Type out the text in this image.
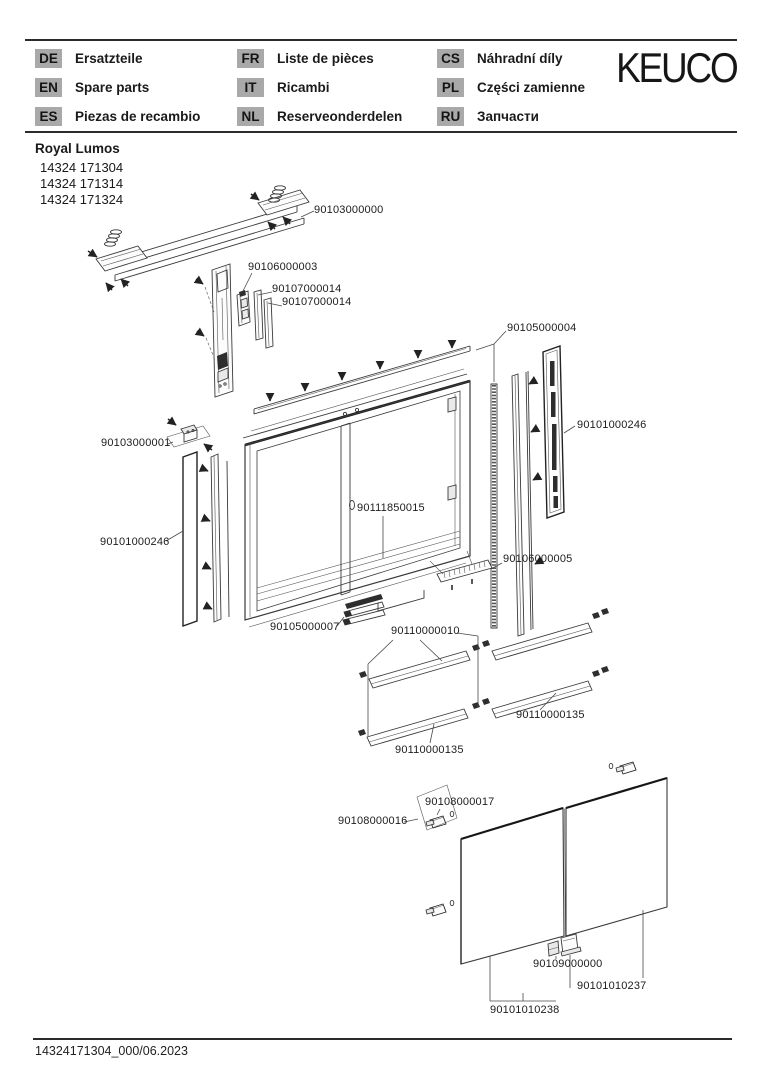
DE Ersatzteile
EN Spare parts
ES Piezas de recambio
FR Liste de pièces
IT Ricambi
NL Reserveonderdelen
CS Náhradní díly
PL Części zamienne
RU Запчасти
KEUCO
Royal Lumos
14324 171304
14324 171314
14324 171324
90103000000
90106000003
90107000014
90107000014
90105000004
90101000246
90103000001
90111850015
90101000246
90106000005
90105000007	90110000010
90110000135
90110000135
90108000017
90108000016
90109000000
90101010237
90101010238
14324171304_000/06.2023
